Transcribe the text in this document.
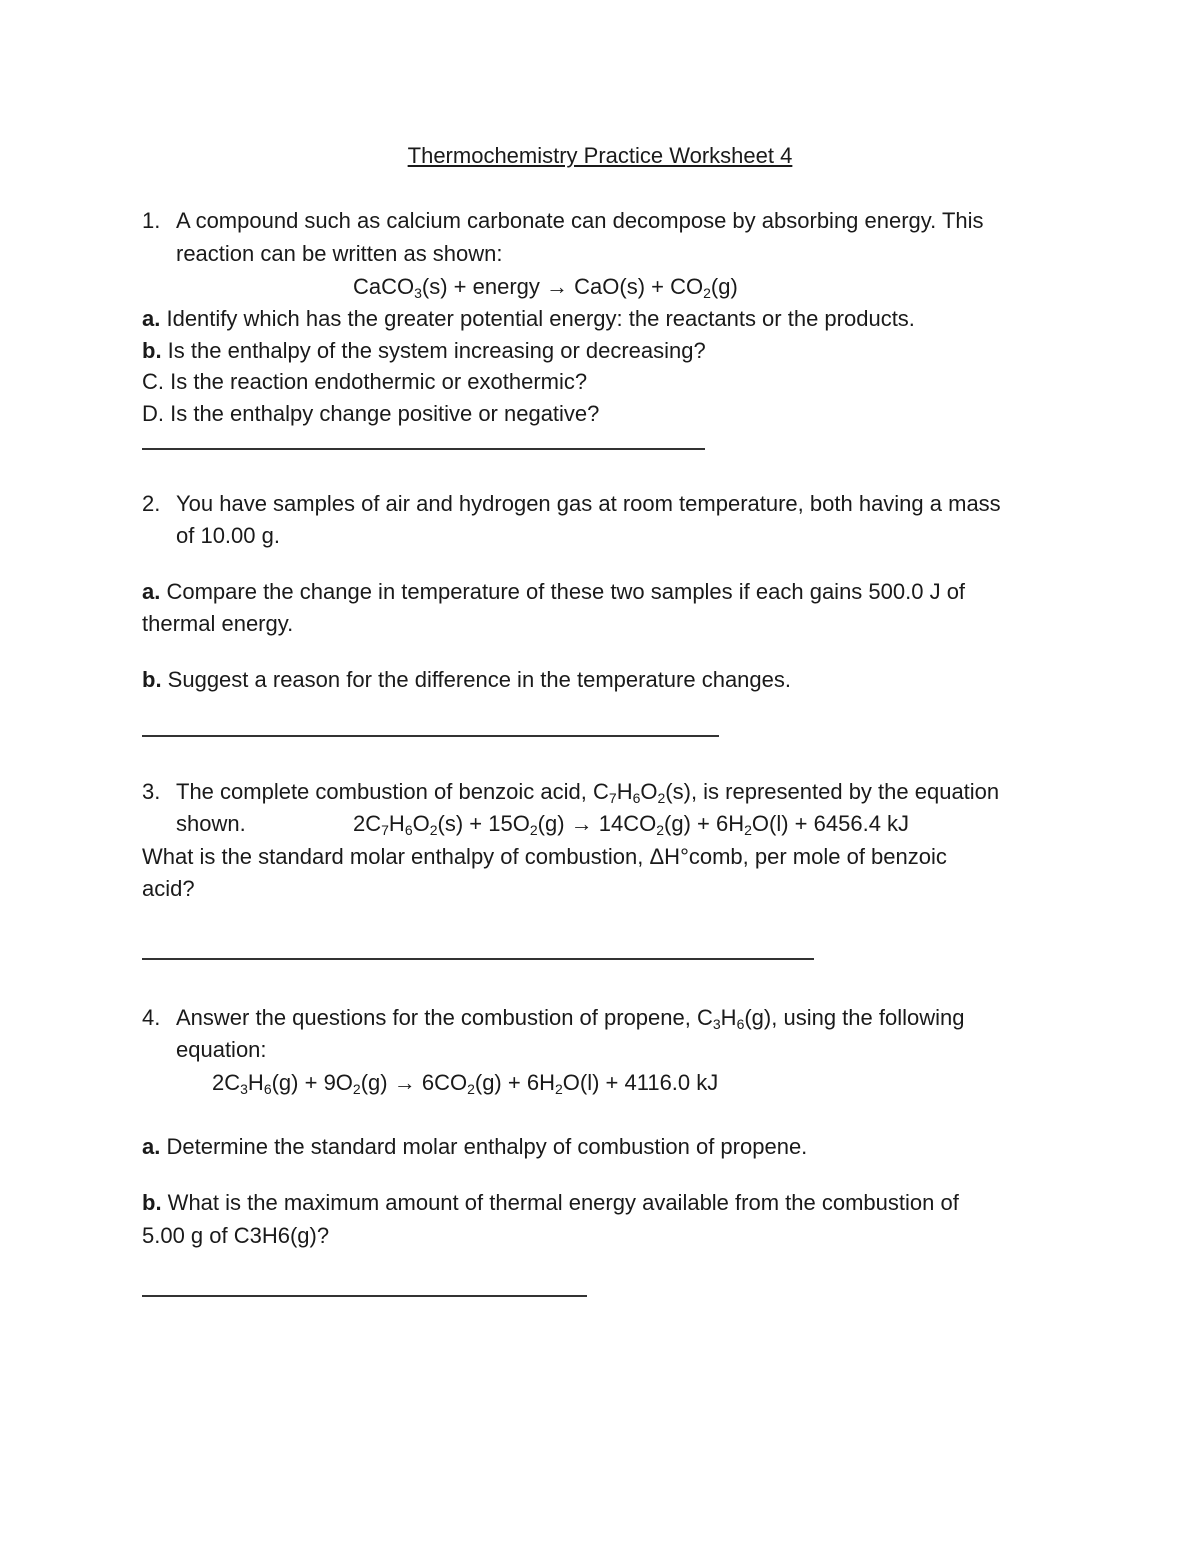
Thermochemistry Practice Worksheet 4
1. A compound such as calcium carbonate can decompose by absorbing energy. This
reaction can be written as shown:
CaCO$_3$(s) + energy → $CaO(s) + CO_2(g)$
a. Identify which has the greater potential energy: the reactants or the products.
b. Is the enthalpy of the system increasing or decreasing?
C. Is the reaction endothermic or exothermic?
D. Is the enthalpy change positive or negative?
2. You have samples of air and hydrogen gas at room temperature, both having a mass
of 10.00 g.
a. Compare the change in temperature of these two samples if each gains 500.0 J of
thermal energy.
b. Suggest a reason for the difference in the temperature changes.
3. The complete combustion of benzoic acid, $C_7H_6O_2(s)$, is represented by the equation
shown.	$2C_7H_6O_2(s) + 15O_2(g) \to 14CO_2(g) + 6H_2O(l) + 6456.4$ kJ
What is the standard molar enthalpy of combustion, ΔH°comb, per mole of benzoic
acid?
4. Answer the questions for the combustion of propene, $C_3H_6(g)$, using the following
equation:
$2C_3H_6(g) + 9O_2(g) \to 6CO_2(g) + 6H_2O(l) + 4116.0$ kJ
a. Determine the standard molar enthalpy of combustion of propene.
b. What is the maximum amount of thermal energy available from the combustion of
5.00 g of C3H6(g)?
